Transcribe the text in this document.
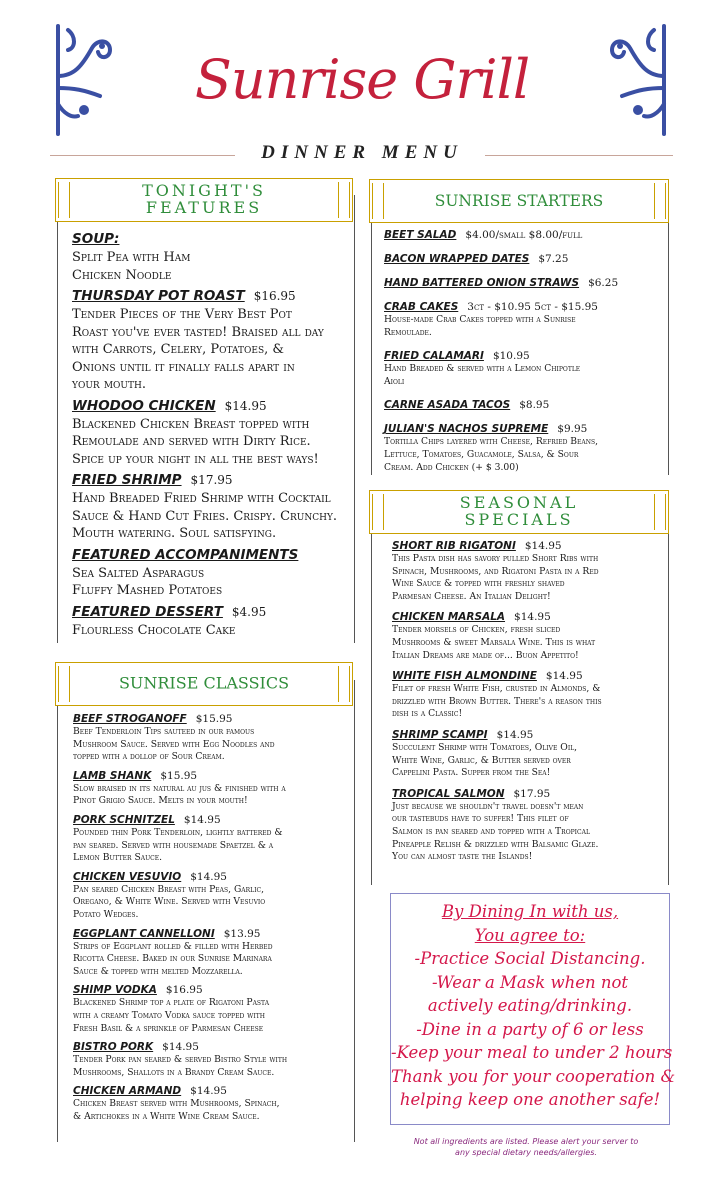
Sunrise Grill
DINNER MENU
TONIGHT'S
FEATURES
SOUP:
Split Pea with Ham
Chicken Noodle
THURSDAY POT ROAST $16.95
Tender Pieces of the Very Best Pot
Roast you've ever tasted! Braised all day
with Carrots, Celery, Potatoes, &
Onions until it finally falls apart in
your mouth.
WHODOO CHICKEN $14.95
Blackened Chicken Breast topped with
Remoulade and served with Dirty Rice.
Spice up your night in all the best ways!
FRIED SHRIMP $17.95
Hand Breaded Fried Shrimp with Cocktail
Sauce & Hand Cut Fries. Crispy. Crunchy.
Mouth watering. Soul satisfying.
FEATURED ACCOMPANIMENTS
Sea Salted Asparagus
Fluffy Mashed Potatoes
FEATURED DESSERT $4.95
Flourless Chocolate Cake
SUNRISE CLASSICS
BEEF STROGANOFF $15.95
Beef Tenderloin Tips sauteed in our famous
Mushroom Sauce. Served with Egg Noodles and
topped with a dollop of Sour Cream.
LAMB SHANK $15.95
Slow braised in its natural au jus & finished with a
Pinot Grigio Sauce. Melts in your mouth!
PORK SCHNITZEL $14.95
Pounded thin Pork Tenderloin, lightly battered &
pan seared. Served with housemade Spaetzel & a
Lemon Butter Sauce.
CHICKEN VESUVIO $14.95
Pan seared Chicken Breast with Peas, Garlic,
Oregano, & White Wine. Served with Vesuvio
Potato Wedges.
EGGPLANT CANNELLONI $13.95
Strips of Eggplant rolled & filled with Herbed
Ricotta Cheese. Baked in our Sunrise Marinara
Sauce & topped with melted Mozzarella.
SHIMP VODKA $16.95
Blackened Shrimp top a plate of Rigatoni Pasta
with a creamy Tomato Vodka sauce topped with
Fresh Basil & a sprinkle of Parmesan Cheese
BISTRO PORK $14.95
Tender Pork pan seared & served Bistro Style with
Mushrooms, Shallots in a Brandy Cream Sauce.
CHICKEN ARMAND $14.95
Chicken Breast served with Mushrooms, Spinach,
& Artichokes in a White Wine Cream Sauce.
SUNRISE STARTERS
BEET SALAD $4.00/small $8.00/full
BACON WRAPPED DATES $7.25
HAND BATTERED ONION STRAWS $6.25
CRAB CAKES 3ct - $10.95 5ct - $15.95
House-made Crab Cakes topped with a Sunrise
Remoulade.
FRIED CALAMARI $10.95
Hand Breaded & served with a Lemon Chipotle
Aioli
CARNE ASADA TACOS $8.95
JULIAN'S NACHOS SUPREME $9.95
Tortilla Chips layered with Cheese, Refried Beans,
Lettuce, Tomatoes, Guacamole, Salsa, & Sour
Cream. Add Chicken (+ $ 3.00)
SEASONAL
SPECIALS
SHORT RIB RIGATONI $14.95
This Pasta dish has savory pulled Short Ribs with
Spinach, Mushrooms, and Rigatoni Pasta in a Red
Wine Sauce & topped with freshly shaved
Parmesan Cheese. An Italian Delight!
CHICKEN MARSALA $14.95
Tender morsels of Chicken, fresh sliced
Mushrooms & sweet Marsala Wine. This is what
Italian Dreams are made of... Buon Appetito!
WHITE FISH ALMONDINE $14.95
Filet of fresh White Fish, crusted in Almonds, &
drizzled with Brown Butter. There's a reason this
dish is a Classic!
SHRIMP SCAMPI $14.95
Succulent Shrimp with Tomatoes, Olive Oil,
White Wine, Garlic, & Butter served over
Cappelini Pasta. Supper from the Sea!
TROPICAL SALMON $17.95
Just because we shouldn't travel doesn't mean
our tastebuds have to suffer! This filet of
Salmon is pan seared and topped with a Tropical
Pineapple Relish & drizzled with Balsamic Glaze.
You can almost taste the Islands!
By Dining In with us,
You agree to:
-Practice Social Distancing.
-Wear a Mask when not
actively eating/drinking.
-Dine in a party of 6 or less
-Keep your meal to under 2 hours
Thank you for your cooperation &
helping keep one another safe!
Not all ingredients are listed. Please alert your server to
any special dietary needs/allergies.
